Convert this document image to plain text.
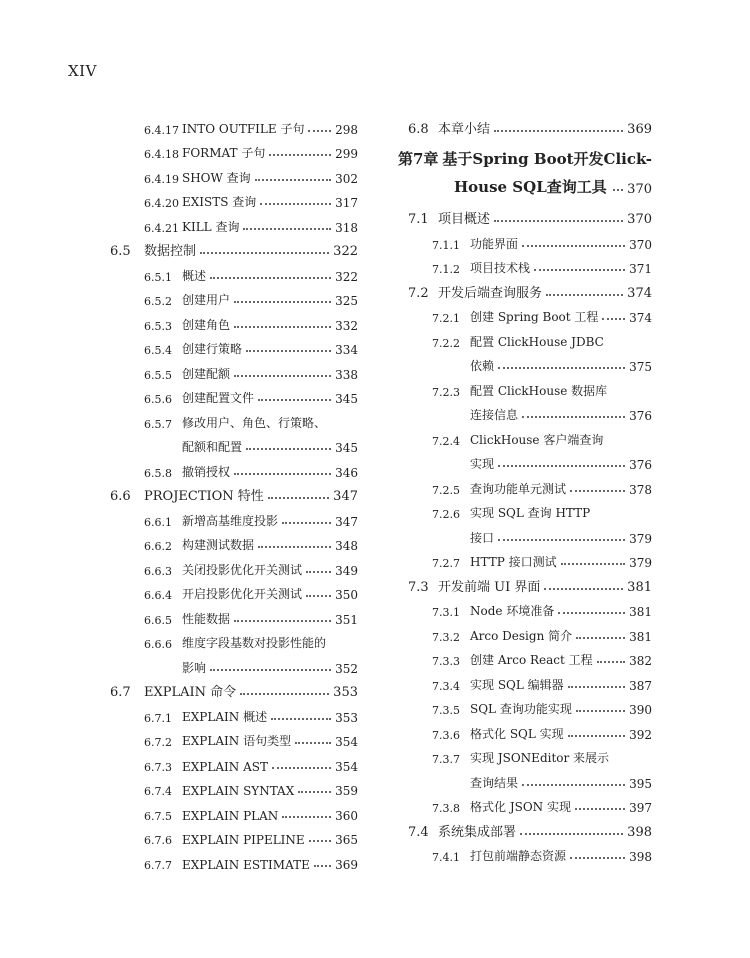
XIV
6.4.17 INTO OUTFILE 子句	298
6.4.18 FORMAT 子句	299
6.4.19 SHOW 查询	302
6.4.20 EXISTS 查询	317
6.4.21 KILL 查询	318
6.5	数据控制	322
6.5.1 概述	322
6.5.2 创建用户	325
6.5.3 创建角色	332
6.5.4 创建行策略	334
6.5.5 创建配额	338
6.5.6 创建配置文件	345
6.5.7 修改用户、角色、行策略、
配额和配置	345
6.5.8 撤销授权	346
6.6	PROJECTION 特性	347
6.6.1 新增高基维度投影	347
6.6.2 构建测试数据	348
6.6.3 关闭投影优化开关测试	349
6.6.4 开启投影优化开关测试	350
6.6.5 性能数据	351
6.6.6 维度字段基数对投影性能的
影响	352
6.7	EXPLAIN 命令	353
6.7.1 EXPLAIN 概述	353
6.7.2 EXPLAIN 语句类型	354
6.7.3 EXPLAIN AST	354
6.7.4 EXPLAIN SYNTAX	359
6.7.5 EXPLAIN PLAN	360
6.7.6 EXPLAIN PIPELINE	365
6.7.7 EXPLAIN ESTIMATE 369
6.8 本章小结	369
第7章 基于Spring Boot开发Click-
House SQL查询工具 370
7.1 项目概述	370
7.1.1 功能界面	370
7.1.2 项目技术栈	371
7.2 开发后端查询服务	374
7.2.1 创建 Spring Boot 工程	374
7.2.2 配置 ClickHouse JDBC
依赖	375
7.2.3 配置 ClickHouse 数据库
连接信息	376
7.2.4 ClickHouse 客户端查询
实现	376
7.2.5 查询功能单元测试	378
7.2.6 实现 SQL 查询 HTTP
接口	379
7.2.7 HTTP 接口测试	379
7.3 开发前端 UI 界面	381
7.3.1 Node 环境准备	381
7.3.2 Arco Design 简介	381
7.3.3 创建 Arco React 工程	382
7.3.4 实现 SQL 编辑器	387
7.3.5 SQL 查询功能实现	390
7.3.6 格式化 SQL 实现	392
7.3.7 实现 JSONEditor 来展示
查询结果	395
7.3.8 格式化 JSON 实现	397
7.4 系统集成部署	398
7.4.1 打包前端静态资源	398
